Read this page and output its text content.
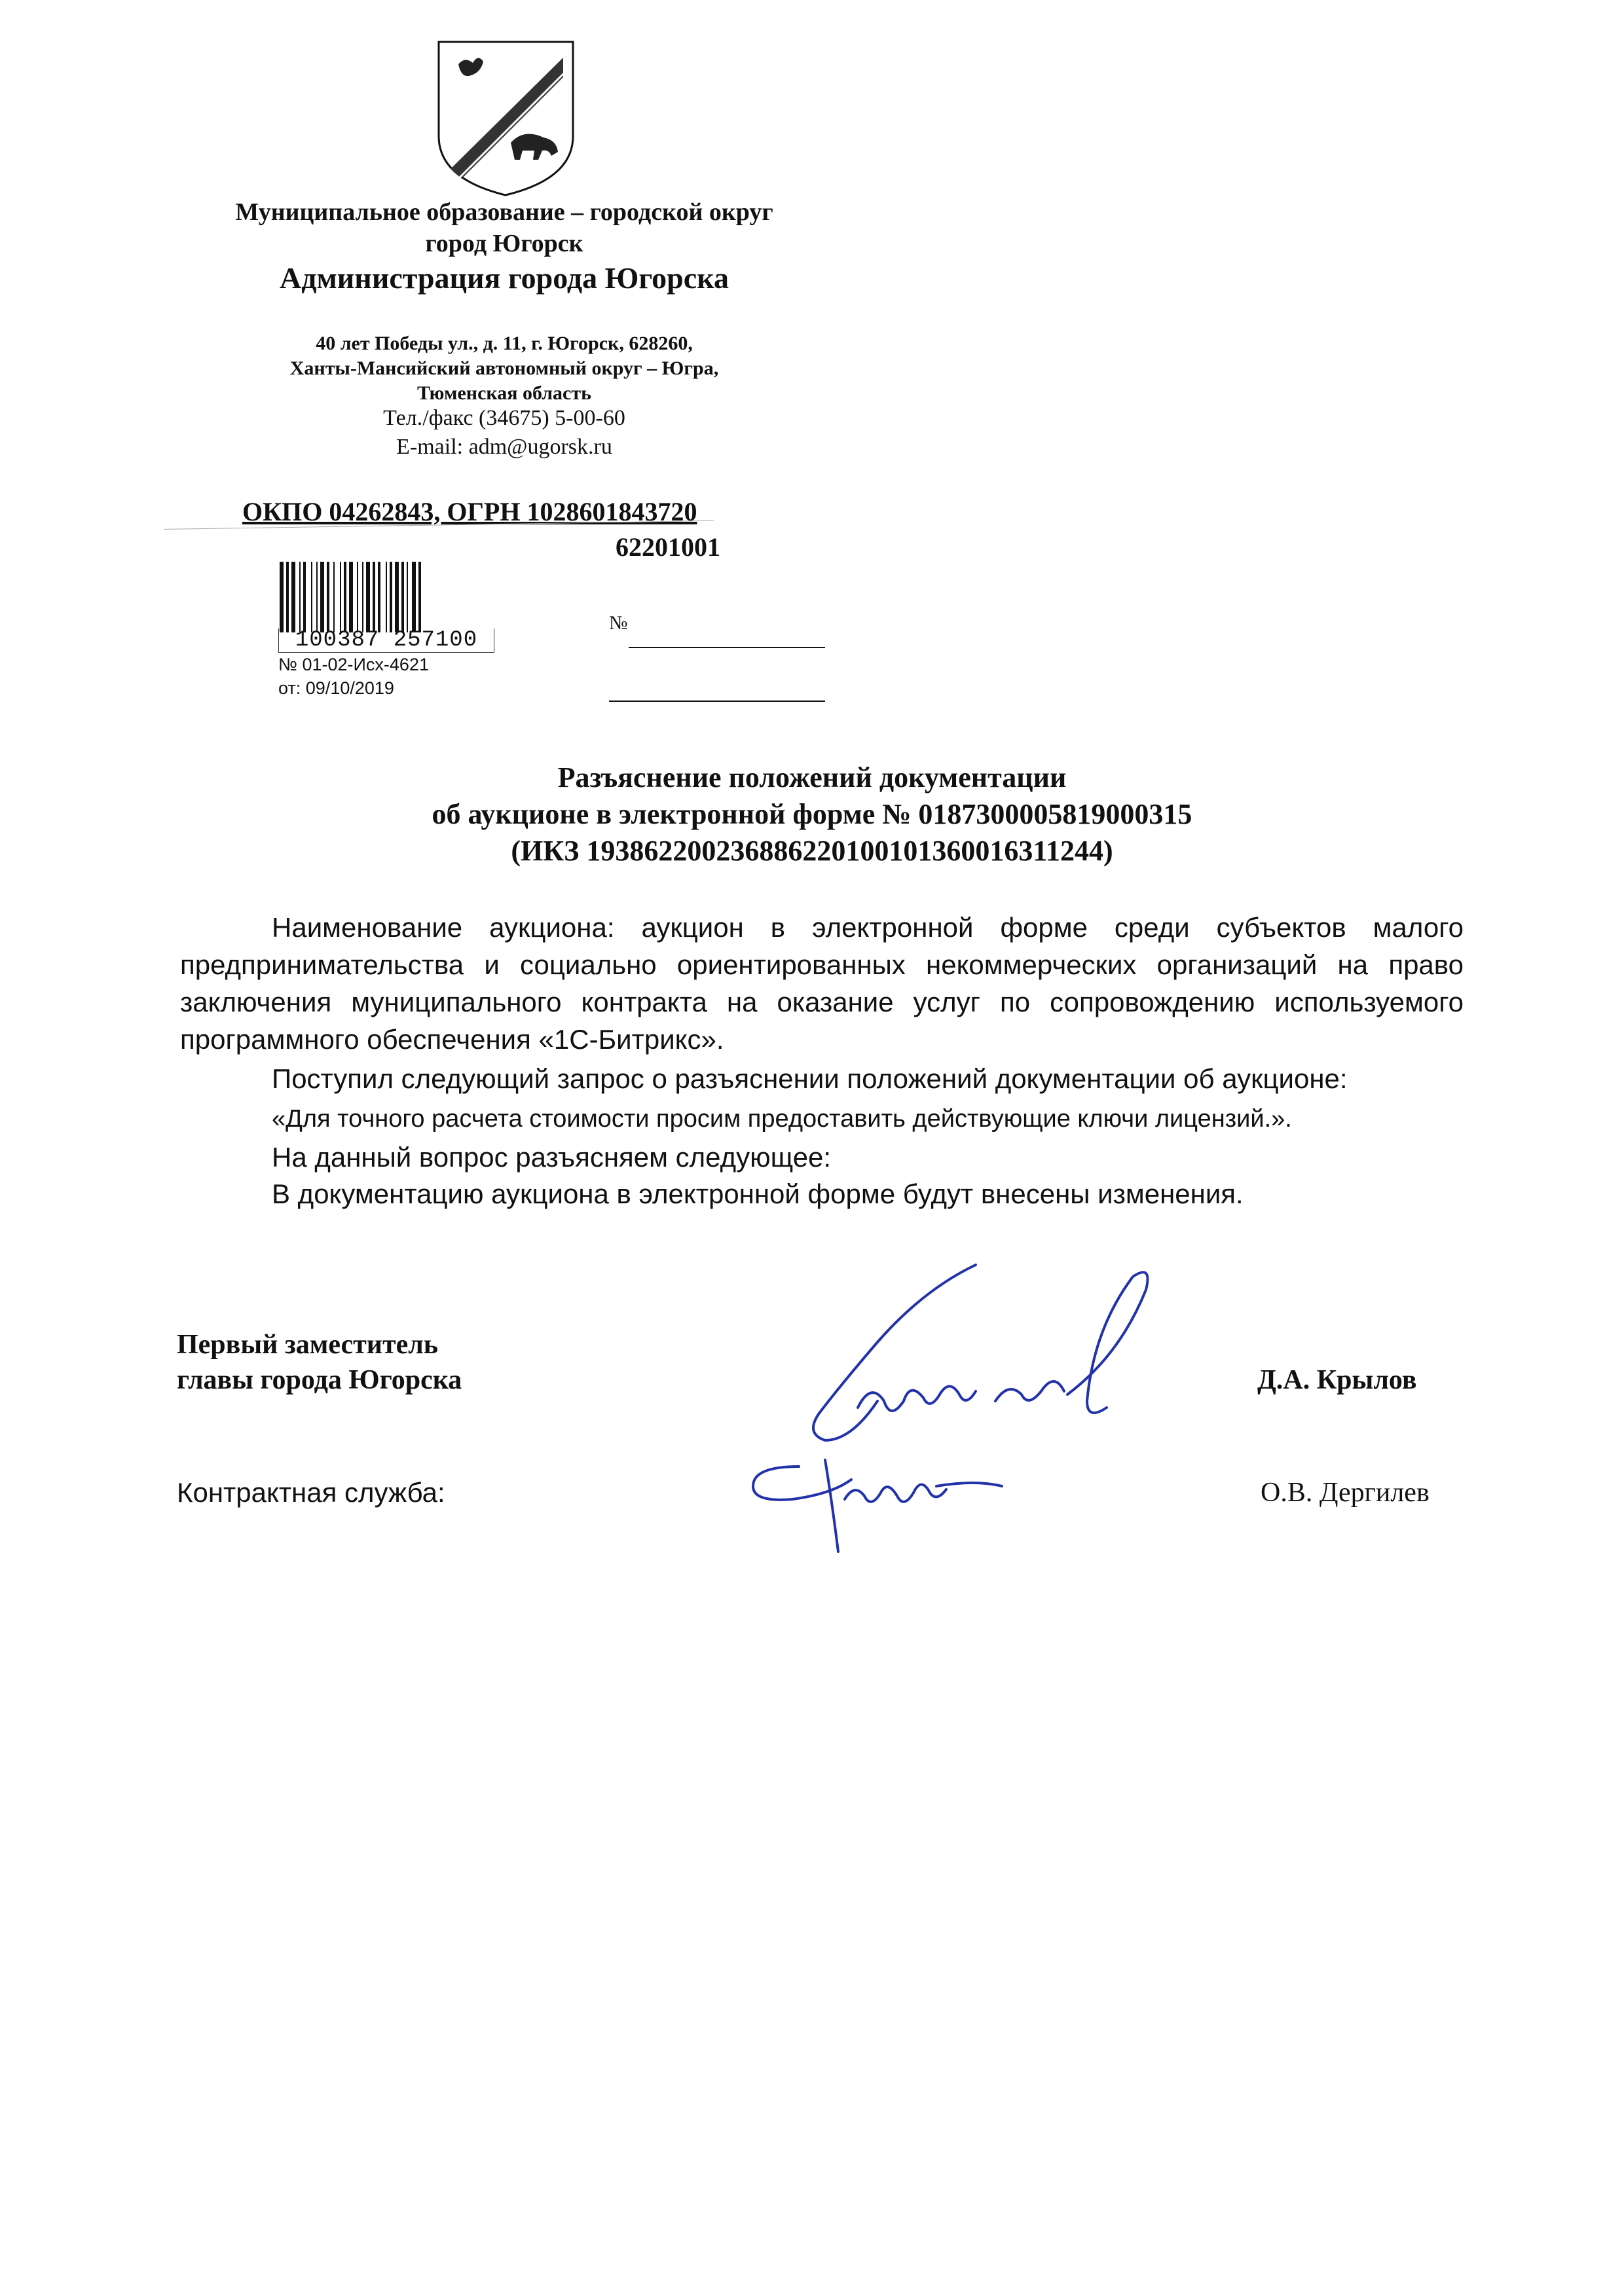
Муниципальное образование – городской округ
город Югорск
Администрация города Югорска
40 лет Победы ул., д. 11, г. Югорск, 628260,
Ханты-Мансийский автономный округ – Югра,
Тюменская область
Тел./факс (34675) 5-00-60
E-mail: adm@ugorsk.ru
ОКПО 04262843, ОГРН 1028601843720
62201001
100387 257100
№ 01-02-Исх-4621
от: 09/10/2019
№
Разъяснение положений документации
об аукционе в электронной форме № 0187300005819000315
(ИКЗ 193862200236886220100101360016311244)
Наименование аукциона: аукцион в электронной форме среди субъектов малого предпринимательства и социально ориентированных некоммерческих организаций на право заключения муниципального контракта на оказание услуг по сопровождению используемого программного обеспечения «1С-Битрикс».
Поступил следующий запрос о разъяснении положений документации об аукционе:
«Для точного расчета стоимости просим предоставить действующие ключи лицензий.».
На данный вопрос разъясняем следующее:
В документацию аукциона в электронной форме будут внесены изменения.
Первый заместитель
главы города Югорска	Д.А. Крылов
Контрактная служба:	О.В. Дергилев
